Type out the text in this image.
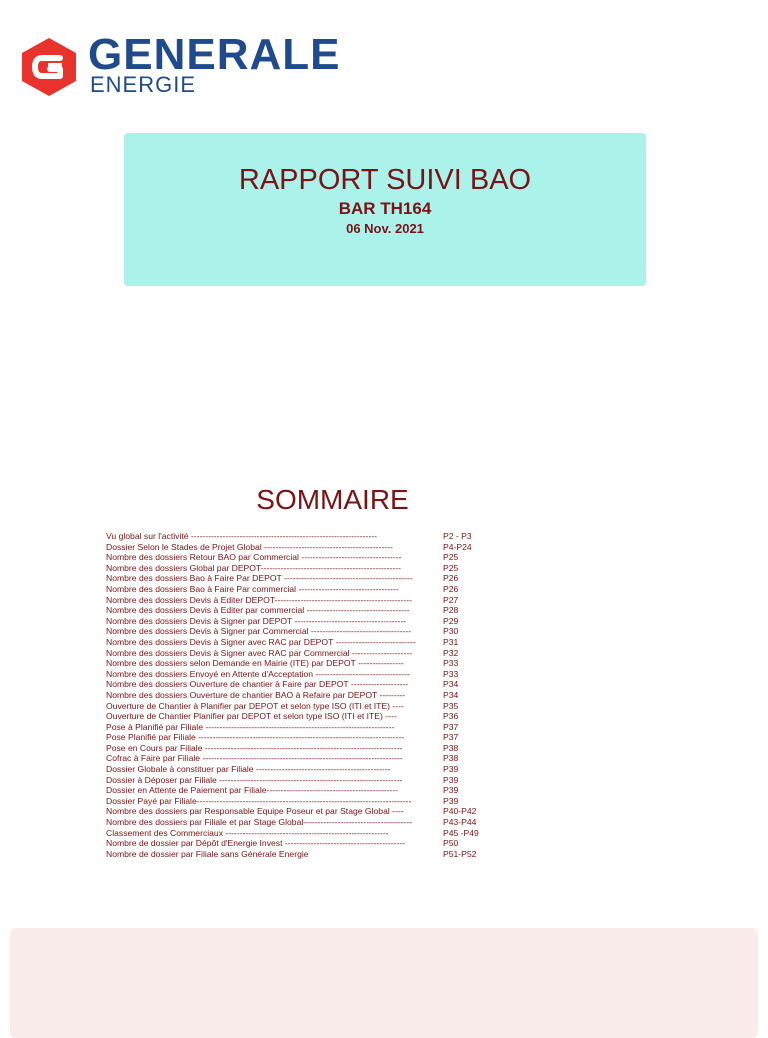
GENERALE
ENERGIE
RAPPORT SUIVI BAO
BAR TH164
06 Nov. 2021
SOMMAIRE
Vu global sur l'activité -----------------------------------------------------------------	P2 - P3
Dossier Selon le Stades de Projet Global ---------------------------------------------	P4-P24
Nombre des dossiers Retour BAO par Commercial -----------------------------------	P25
Nombre des dossiers Global par DEPOT-------------------------------------------------	P25
Nombre des dossiers Bao à Faire Par DEPOT ---------------------------------------------	P26
Nombre des dossiers Bao à Faire Par commercial -----------------------------------	P26
Nombre des dossiers Devis à Editer DEPOT------------------------------------------------	P27
Nombre des dossiers Devis à Editer par commercial ------------------------------------	P28
Nombre des dossiers Devis à Signer par DEPOT ---------------------------------------	P29
Nombre des dossiers Devis à Signer par Commercial -----------------------------------	P30
Nombre des dossiers Devis à Signer avec RAC par DEPOT ----------------------------	P31
Nombre des dossiers Devis à Signer avec RAC par Commercial ---------------------	P32
Nombre des dossiers selon Demande en Mairie (ITE) par DEPOT ----------------	P33
Nombre des dossiers Envoyé en Attente d'Acceptation ---------------------------------	P33
Nombre des dossiers Ouverture de chantier à Faire par DEPOT --------------------	P34
Nombre des dossiers Ouverture de chantier BAO à Refaire par DEPOT ---------	P34
Ouverture de Chantier à Planifier par DEPOT et selon type ISO (ITI et ITE) ----	P35
Ouverture de Chantier Planifier par DEPOT et selon type ISO (ITI et ITE) ----	P36
Pose à Planifié par Filiale ------------------------------------------------------------------	P37
Pose Planifié par Filiale ------------------------------------------------------------------------	P37
Pose en Cours par Filiale ---------------------------------------------------------------------	P38
Cofrac à Faire par Filiale ----------------------------------------------------------------------	P38
Dossier Globale à constituer par Filiale -----------------------------------------------	P39
Dossier à Déposer par Filiale ----------------------------------------------------------------	P39
Dossier en Attente de Paiement par Filiale----------------------------------------------	P39
Dossier Payé par Filiale---------------------------------------------------------------------------	P39
Nombre des dossiers par Responsable Equipe Poseur et par Stage Global ----	P40-P42
Nombre des dossiers par Filiale et par Stage Global--------------------------------------	P43-P44
Classement des Commerciaux ---------------------------------------------------------	P45 -P49
Nombre de dossier par Dépôt d'Energie Invest ------------------------------------------	P50
Nombre de dossier par Filiale sans Générale Energie	P51-P52
